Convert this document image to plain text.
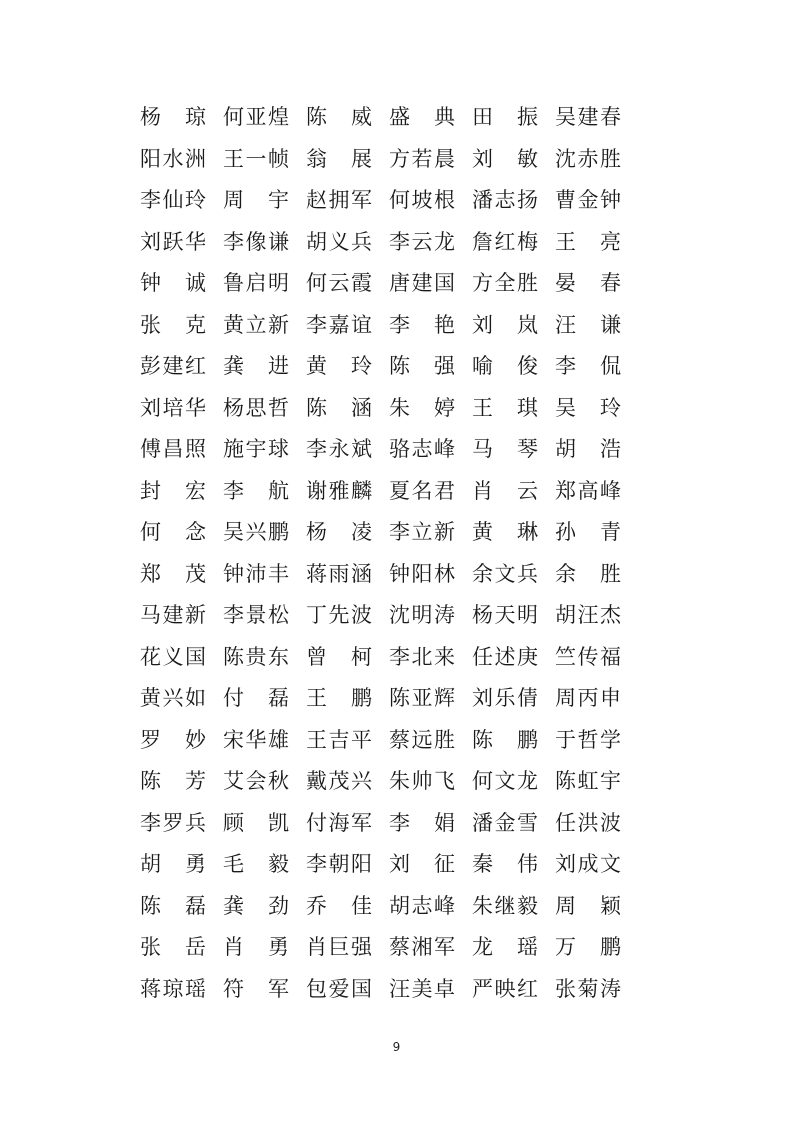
杨 琼 何 亚 煌 陈 威 盛 典 田 振 吴 建 春
阳 水 洲 王 一 帧 翁 展 方 若 晨 刘 敏 沈 赤 胜
李 仙 玲 周 宇 赵 拥 军 何 坡 根 潘 志 扬 曹 金 钟
刘 跃 华 李 像 谦 胡 义 兵 李 云 龙 詹 红 梅 王 亮
钟 诚 鲁 启 明 何 云 霞 唐 建 国 方 全 胜 晏 春
张 克 黄 立 新 李 嘉 谊 李 艳 刘 岚 汪 谦
彭 建 红 龚 进 黄 玲 陈 强 喻 俊 李 侃
刘 培 华 杨 思 哲 陈 涵 朱 婷 王 琪 吴 玲
傅 昌 照 施 宇 球 李 永 斌 骆 志 峰 马 琴 胡 浩
封 宏 李 航 谢 雅 麟 夏 名 君 肖 云 郑 高 峰
何 念 吴 兴 鹏 杨 凌 李 立 新 黄 琳 孙 青
郑 茂 钟 沛 丰 蒋 雨 涵 钟 阳 林 余 文 兵 余 胜
马 建 新 李 景 松 丁 先 波 沈 明 涛 杨 天 明 胡 汪 杰
花 义 国 陈 贵 东 曾 柯 李 北 来 任 述 庚 竺 传 福
黄 兴 如 付 磊 王 鹏 陈 亚 辉 刘 乐 倩 周 丙 申
罗 妙 宋 华 雄 王 吉 平 蔡 远 胜 陈 鹏 于 哲 学
陈 芳 艾 会 秋 戴 茂 兴 朱 帅 飞 何 文 龙 陈 虹 宇
李 罗 兵 顾 凯 付 海 军 李 娟 潘 金 雪 任 洪 波
胡 勇 毛 毅 李 朝 阳 刘 征 秦 伟 刘 成 文
陈 磊 龚 劲 乔 佳 胡 志 峰 朱 继 毅 周 颖
张 岳 肖 勇 肖 巨 强 蔡 湘 军 龙 瑶 万 鹏
蒋 琼 瑶 符 军 包 爱 国 汪 美 卓 严 映 红 张 菊 涛
9
